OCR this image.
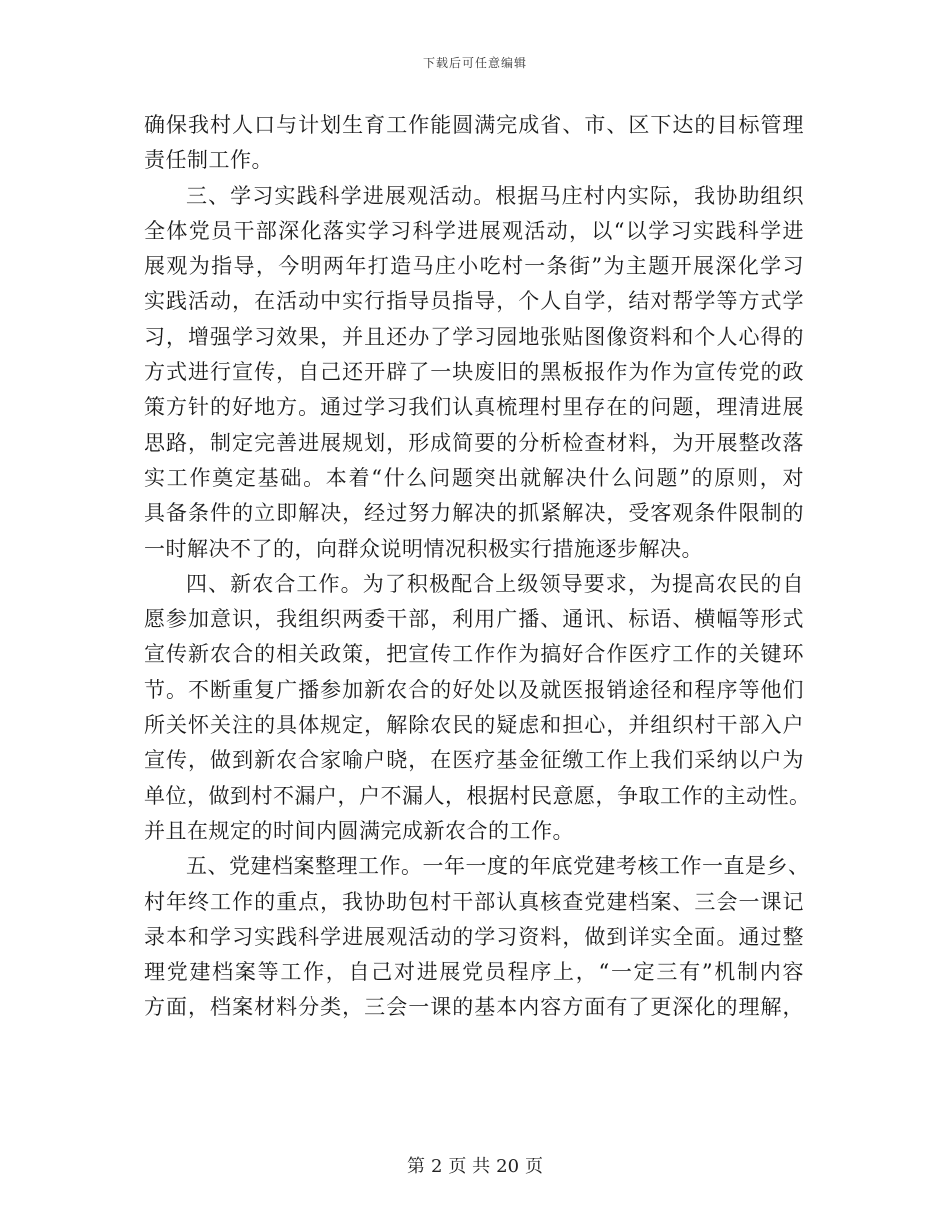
下载后可任意编辑
确保我村人口与计划生育工作能圆满完成省、市、区下达的目标管理
责任制工作。
三、学习实践科学进展观活动。根据马庄村内实际，我协助组织
全体党员干部深化落实学习科学进展观活动，以“以学习实践科学进
展观为指导，今明两年打造马庄小吃村一条街”为主题开展深化学习
实践活动，在活动中实行指导员指导，个人自学，结对帮学等方式学
习，增强学习效果，并且还办了学习园地张贴图像资料和个人心得的
方式进行宣传，自己还开辟了一块废旧的黑板报作为作为宣传党的政
策方针的好地方。通过学习我们认真梳理村里存在的问题，理清进展
思路，制定完善进展规划，形成简要的分析检查材料，为开展整改落
实工作奠定基础。本着“什么问题突出就解决什么问题”的原则，对
具备条件的立即解决，经过努力解决的抓紧解决，受客观条件限制的
一时解决不了的，向群众说明情况积极实行措施逐步解决。
四、新农合工作。为了积极配合上级领导要求，为提高农民的自
愿参加意识，我组织两委干部，利用广播、通讯、标语、横幅等形式
宣传新农合的相关政策，把宣传工作作为搞好合作医疗工作的关键环
节。不断重复广播参加新农合的好处以及就医报销途径和程序等他们
所关怀关注的具体规定，解除农民的疑虑和担心，并组织村干部入户
宣传，做到新农合家喻户晓，在医疗基金征缴工作上我们采纳以户为
单位，做到村不漏户，户不漏人，根据村民意愿，争取工作的主动性。
并且在规定的时间内圆满完成新农合的工作。
五、党建档案整理工作。一年一度的年底党建考核工作一直是乡、
村年终工作的重点，我协助包村干部认真核查党建档案、三会一课记
录本和学习实践科学进展观活动的学习资料，做到详实全面。通过整
理党建档案等工作，自己对进展党员程序上，“一定三有”机制内容
方面，档案材料分类，三会一课的基本内容方面有了更深化的理解，
第 2 页 共 20 页
